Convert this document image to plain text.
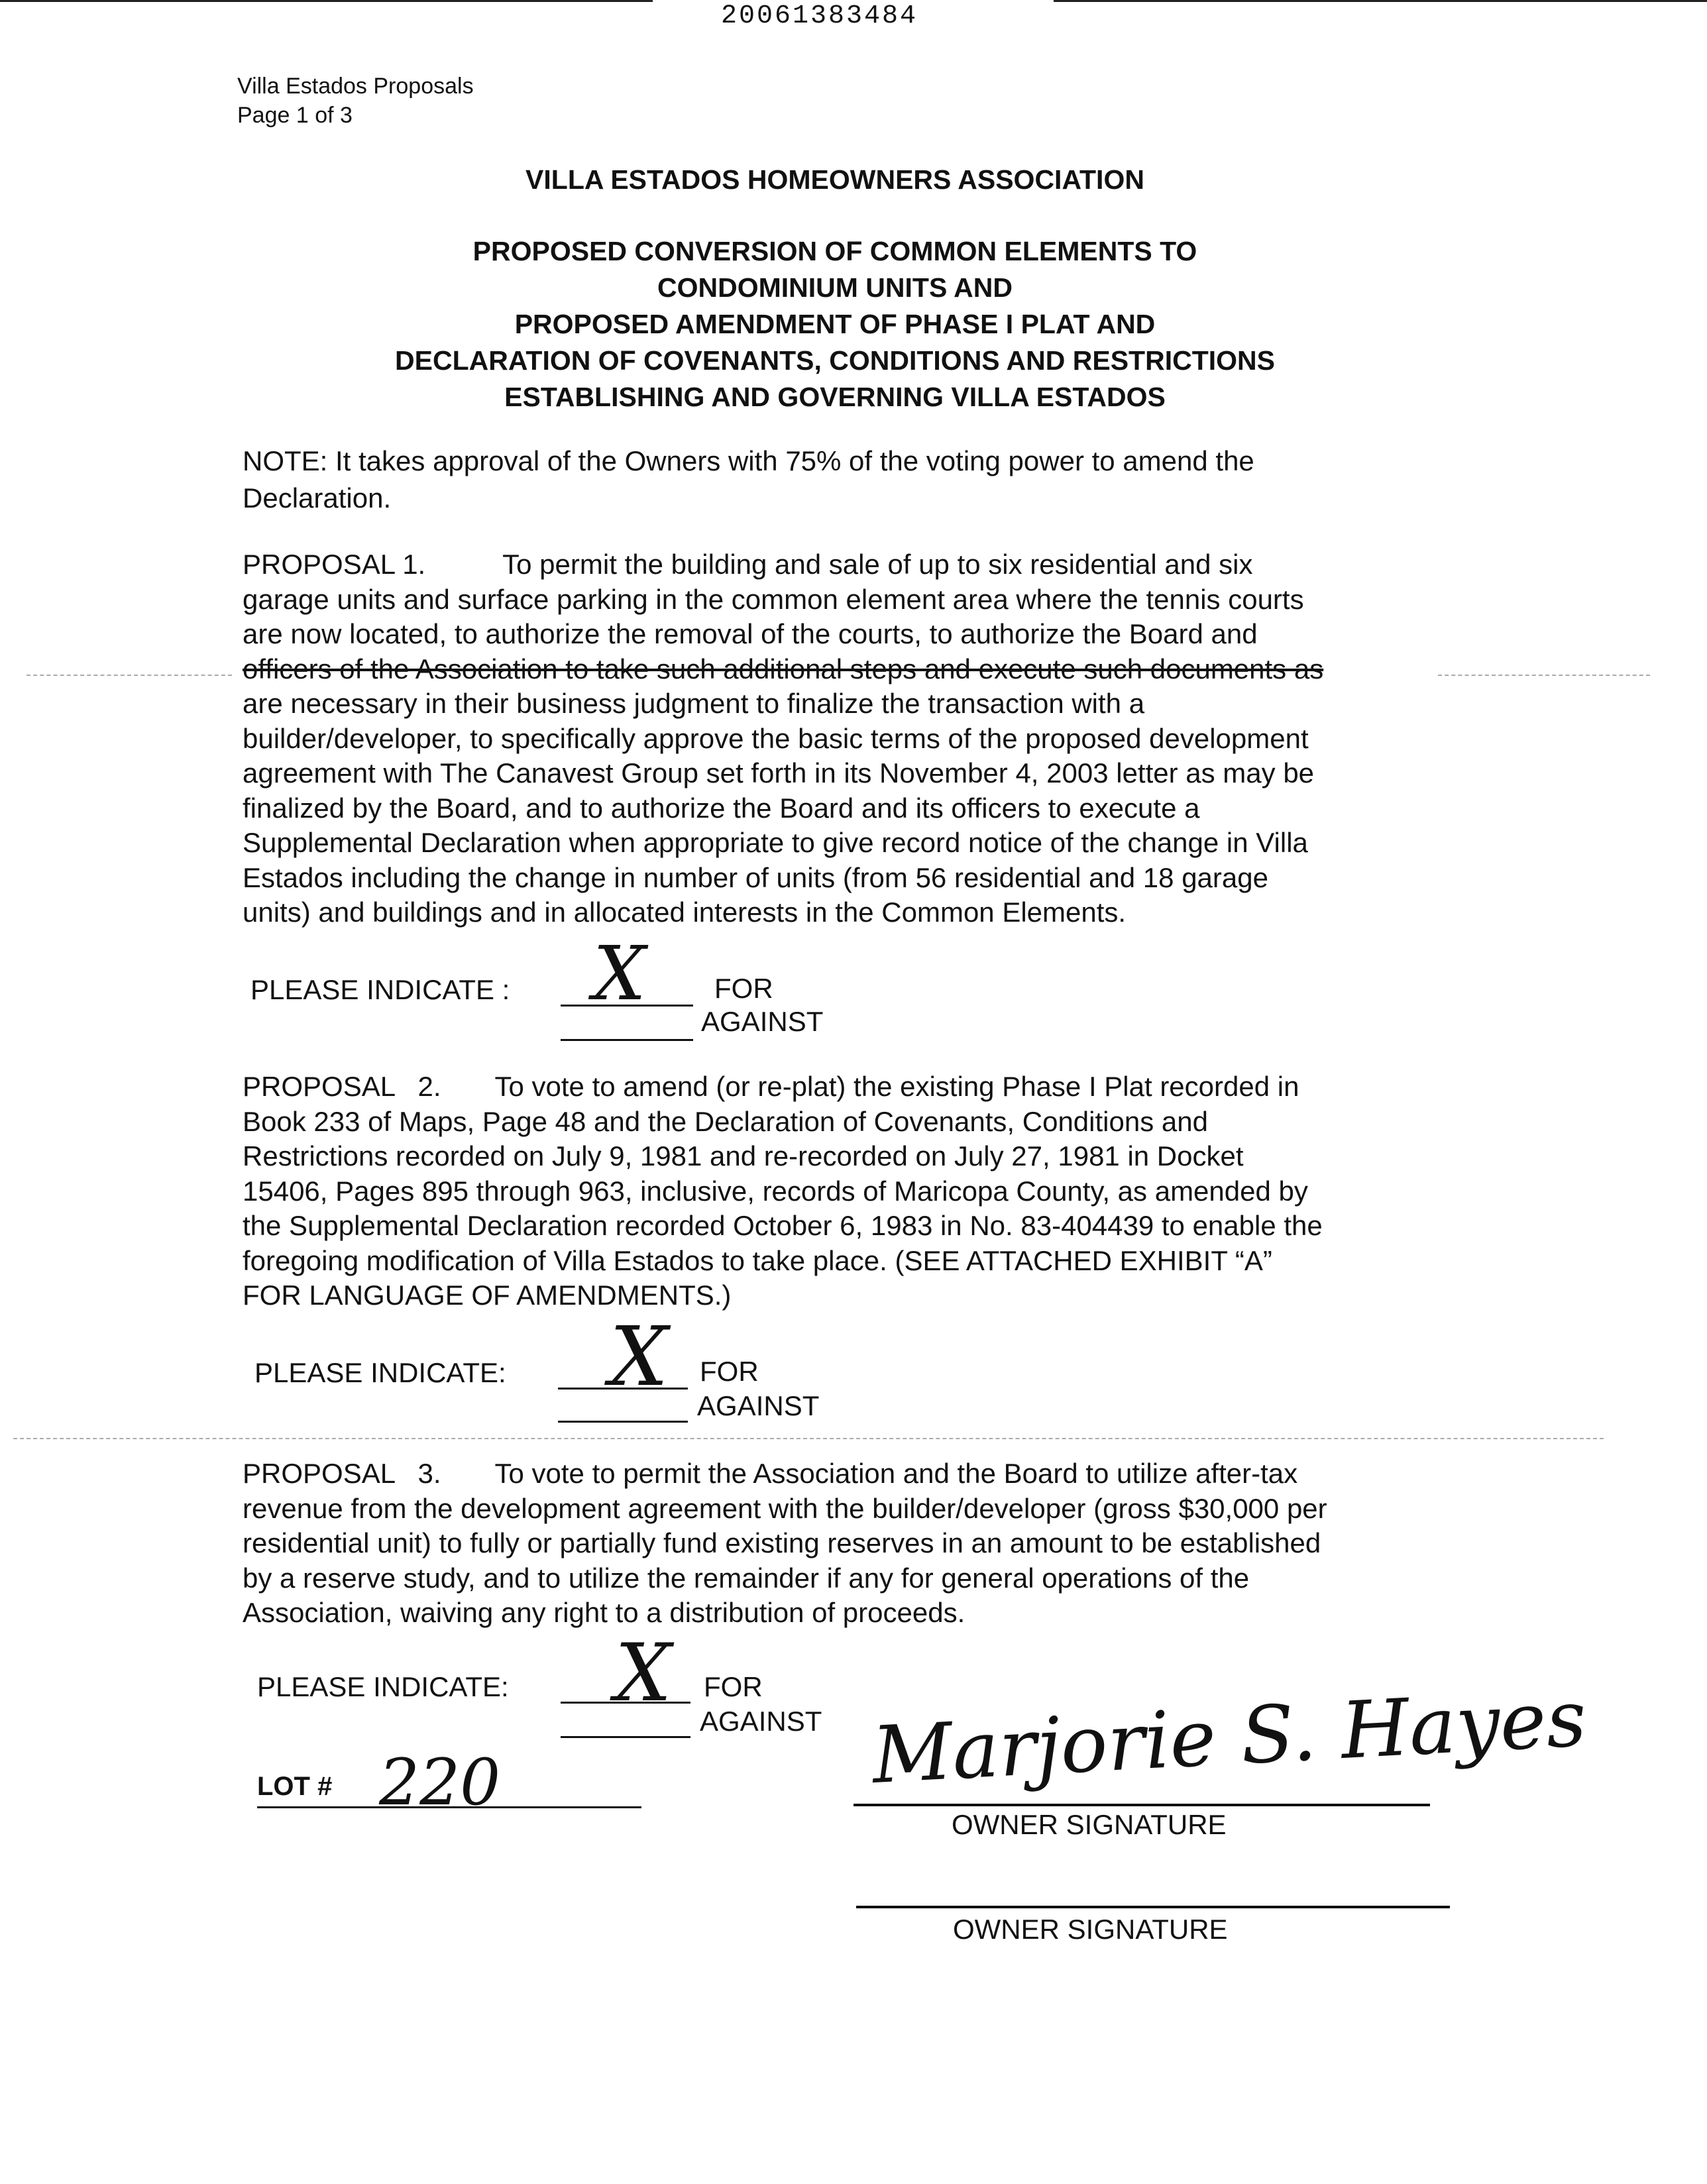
20061383484
Villa Estados Proposals
Page 1 of 3
VILLA ESTADOS HOMEOWNERS ASSOCIATION
PROPOSED CONVERSION OF COMMON ELEMENTS TO
CONDOMINIUM UNITS AND
PROPOSED AMENDMENT OF PHASE I PLAT AND
DECLARATION OF COVENANTS, CONDITIONS AND RESTRICTIONS
ESTABLISHING AND GOVERNING VILLA ESTADOS
NOTE: It takes approval of the Owners with 75% of the voting power to amend the
Declaration.
PROPOSAL 1.          To permit the building and sale of up to six residential and six
garage units and surface parking in the common element area where the tennis courts
are now located, to authorize the removal of the courts, to authorize the Board and
officers of the Association to take such additional steps and execute such documents as
are necessary in their business judgment to finalize the transaction with a
builder/developer, to specifically approve the basic terms of the proposed development
agreement with The Canavest Group set forth in its November 4, 2003 letter as may be
finalized by the Board, and to authorize the Board and its officers to execute a
Supplemental Declaration when appropriate to give record notice of the change in Villa
Estados including the change in number of units (from 56 residential and 18 garage
units) and buildings and in allocated interests in the Common Elements.
PLEASE INDICATE : X FOR
AGAINST
PROPOSAL   2.       To vote to amend (or re-plat) the existing Phase I Plat recorded in
Book 233 of Maps, Page 48 and the Declaration of Covenants, Conditions and
Restrictions recorded on July 9, 1981 and re-recorded on July 27, 1981 in Docket
15406, Pages 895 through 963, inclusive, records of Maricopa County, as amended by
the Supplemental Declaration recorded October 6, 1983 in No. 83-404439 to enable the
foregoing modification of Villa Estados to take place. (SEE ATTACHED EXHIBIT “A”
FOR LANGUAGE OF AMENDMENTS.)
PLEASE INDICATE: X FOR
AGAINST
PROPOSAL   3.       To vote to permit the Association and the Board to utilize after-tax
revenue from the development agreement with the builder/developer (gross $30,000 per
residential unit) to fully or partially fund existing reserves in an amount to be established
by a reserve study, and to utilize the remainder if any for general operations of the
Association, waiving any right to a distribution of proceeds.
PLEASE INDICATE: X FOR
AGAINST
LOT # 220	Marjorie S. Hayes
OWNER SIGNATURE
OWNER SIGNATURE
